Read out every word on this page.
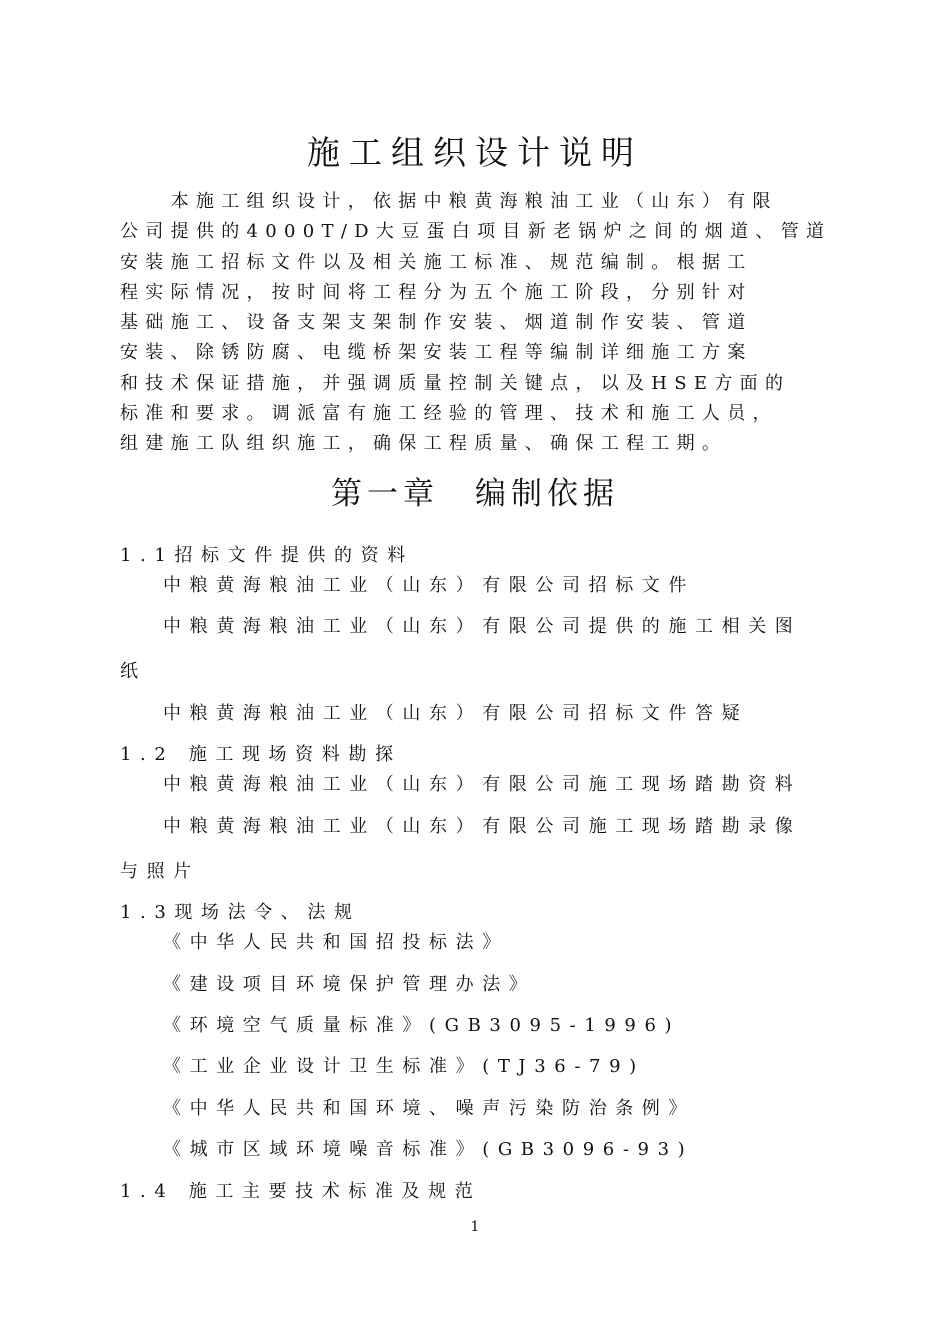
施工组织设计说明
　　本施工组织设计，依据中粮黄海粮油工业（山东）有限
公司提供的4000T/D大豆蛋白项目新老锅炉之间的烟道、管道
安装施工招标文件以及相关施工标准、规范编制。根据工
程实际情况，按时间将工程分为五个施工阶段，分别针对
基础施工、设备支架支架制作安装、烟道制作安装、管道
安装、除锈防腐、电缆桥架安装工程等编制详细施工方案
和技术保证措施，并强调质量控制关键点，以及HSE方面的
标准和要求。调派富有施工经验的管理、技术和施工人员，
组建施工队组织施工，确保工程质量、确保工程工期。
第一章　编制依据
1.1招标文件提供的资料
中粮黄海粮油工业（山东）有限公司招标文件
中粮黄海粮油工业（山东）有限公司提供的施工相关图
纸
中粮黄海粮油工业（山东）有限公司招标文件答疑
1.2 施工现场资料勘探
中粮黄海粮油工业（山东）有限公司施工现场踏勘资料
中粮黄海粮油工业（山东）有限公司施工现场踏勘录像
与照片
1.3现场法令、法规
《中华人民共和国招投标法》
《建设项目环境保护管理办法》
《环境空气质量标准》(GB3095-1996)
《工业企业设计卫生标准》(TJ36-79)
《中华人民共和国环境、噪声污染防治条例》
《城市区域环境噪音标准》(GB3096-93)
1.4 施工主要技术标准及规范
1
